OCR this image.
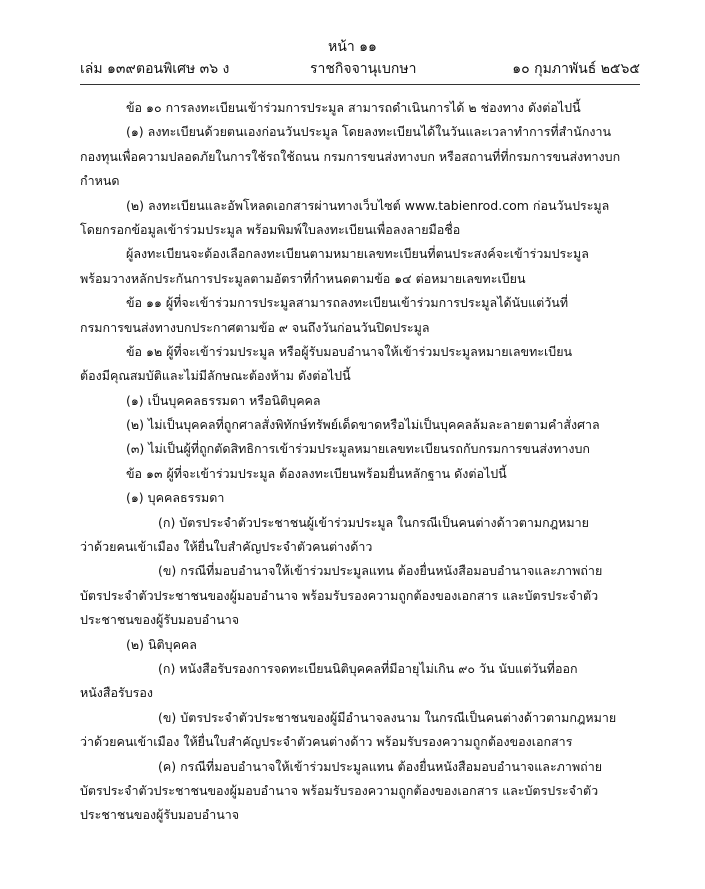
หน้า ๑๑
เล่ม ๑๓๙ ตอนพิเศษ ๓๖ ง	ราชกิจจานุเบกษา	๑๐ กุมภาพันธ์ ๒๕๖๕
ข้อ ๑๐ การลงทะเบียนเข้าร่วมการประมูล สามารถดำเนินการได้ ๒ ช่องทาง ดังต่อไปนี้
(๑) ลงทะเบียนด้วยตนเองก่อนวันประมูล โดยลงทะเบียนได้ในวันและเวลาทำการที่สำนักงาน
กองทุนเพื่อความปลอดภัยในการใช้รถใช้ถนน กรมการขนส่งทางบก หรือสถานที่ที่กรมการขนส่งทางบก
กำหนด
(๒) ลงทะเบียนและอัพโหลดเอกสารผ่านทางเว็บไซต์ www.tabienrod.com ก่อนวันประมูล
โดยกรอกข้อมูลเข้าร่วมประมูล พร้อมพิมพ์ใบลงทะเบียนเพื่อลงลายมือชื่อ
ผู้ลงทะเบียนจะต้องเลือกลงทะเบียนตามหมายเลขทะเบียนที่ตนประสงค์จะเข้าร่วมประมูล
พร้อมวางหลักประกันการประมูลตามอัตราที่กำหนดตามข้อ ๑๔ ต่อหมายเลขทะเบียน
ข้อ ๑๑ ผู้ที่จะเข้าร่วมการประมูลสามารถลงทะเบียนเข้าร่วมการประมูลได้นับแต่วันที่
กรมการขนส่งทางบกประกาศตามข้อ ๙ จนถึงวันก่อนวันปิดประมูล
ข้อ ๑๒ ผู้ที่จะเข้าร่วมประมูล หรือผู้รับมอบอำนาจให้เข้าร่วมประมูลหมายเลขทะเบียน
ต้องมีคุณสมบัติและไม่มีลักษณะต้องห้าม ดังต่อไปนี้
(๑) เป็นบุคคลธรรมดา หรือนิติบุคคล
(๒) ไม่เป็นบุคคลที่ถูกศาลสั่งพิทักษ์ทรัพย์เด็ดขาดหรือไม่เป็นบุคคลล้มละลายตามคำสั่งศาล
(๓) ไม่เป็นผู้ที่ถูกตัดสิทธิการเข้าร่วมประมูลหมายเลขทะเบียนรถกับกรมการขนส่งทางบก
ข้อ ๑๓ ผู้ที่จะเข้าร่วมประมูล ต้องลงทะเบียนพร้อมยื่นหลักฐาน ดังต่อไปนี้
(๑) บุคคลธรรมดา
(ก) บัตรประจำตัวประชาชนผู้เข้าร่วมประมูล ในกรณีเป็นคนต่างด้าวตามกฎหมาย
ว่าด้วยคนเข้าเมือง ให้ยื่นใบสำคัญประจำตัวคนต่างด้าว
(ข) กรณีที่มอบอำนาจให้เข้าร่วมประมูลแทน ต้องยื่นหนังสือมอบอำนาจและภาพถ่าย
บัตรประจำตัวประชาชนของผู้มอบอำนาจ พร้อมรับรองความถูกต้องของเอกสาร และบัตรประจำตัว
ประชาชนของผู้รับมอบอำนาจ
(๒) นิติบุคคล
(ก) หนังสือรับรองการจดทะเบียนนิติบุคคลที่มีอายุไม่เกิน ๙๐ วัน นับแต่วันที่ออก
หนังสือรับรอง
(ข) บัตรประจำตัวประชาชนของผู้มีอำนาจลงนาม ในกรณีเป็นคนต่างด้าวตามกฎหมาย
ว่าด้วยคนเข้าเมือง ให้ยื่นใบสำคัญประจำตัวคนต่างด้าว พร้อมรับรองความถูกต้องของเอกสาร
(ค) กรณีที่มอบอำนาจให้เข้าร่วมประมูลแทน ต้องยื่นหนังสือมอบอำนาจและภาพถ่าย
บัตรประจำตัวประชาชนของผู้มอบอำนาจ พร้อมรับรองความถูกต้องของเอกสาร และบัตรประจำตัว
ประชาชนของผู้รับมอบอำนาจ
